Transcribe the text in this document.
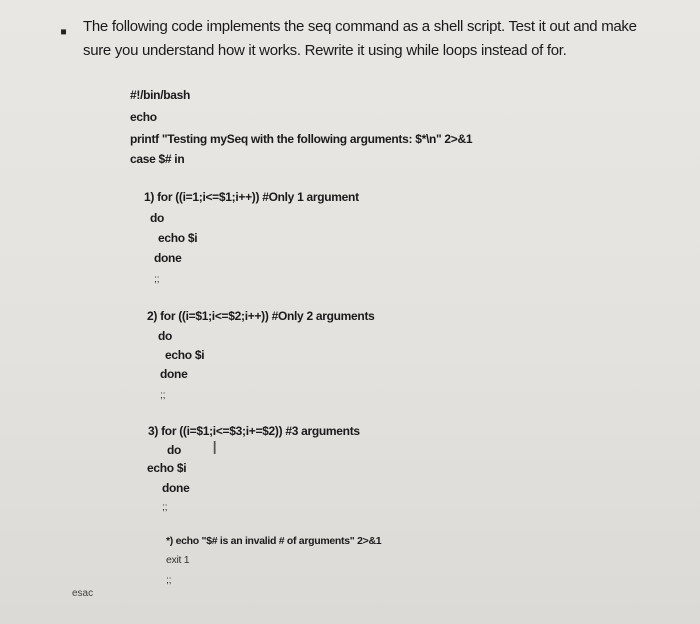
▪ The following code implements the seq command as a shell script. Test it out and make sure you understand how it works. Rewrite it using while loops instead of for.
#!/bin/bash
echo
printf "Testing mySeq with the following arguments: $*\n" 2>&1
case $# in
1) for ((i=1;i<=$1;i++)) #Only 1 argument
do
echo $i
done
;;
2) for ((i=$1;i<=$2;i++)) #Only 2 arguments
do
echo $i
done
;;
3) for ((i=$1;i<=$3;i+=$2)) #3 arguments
I
do
echo $i
done
;;
*) echo "$# is an invalid # of arguments" 2>&1
exit 1
;;
esac
